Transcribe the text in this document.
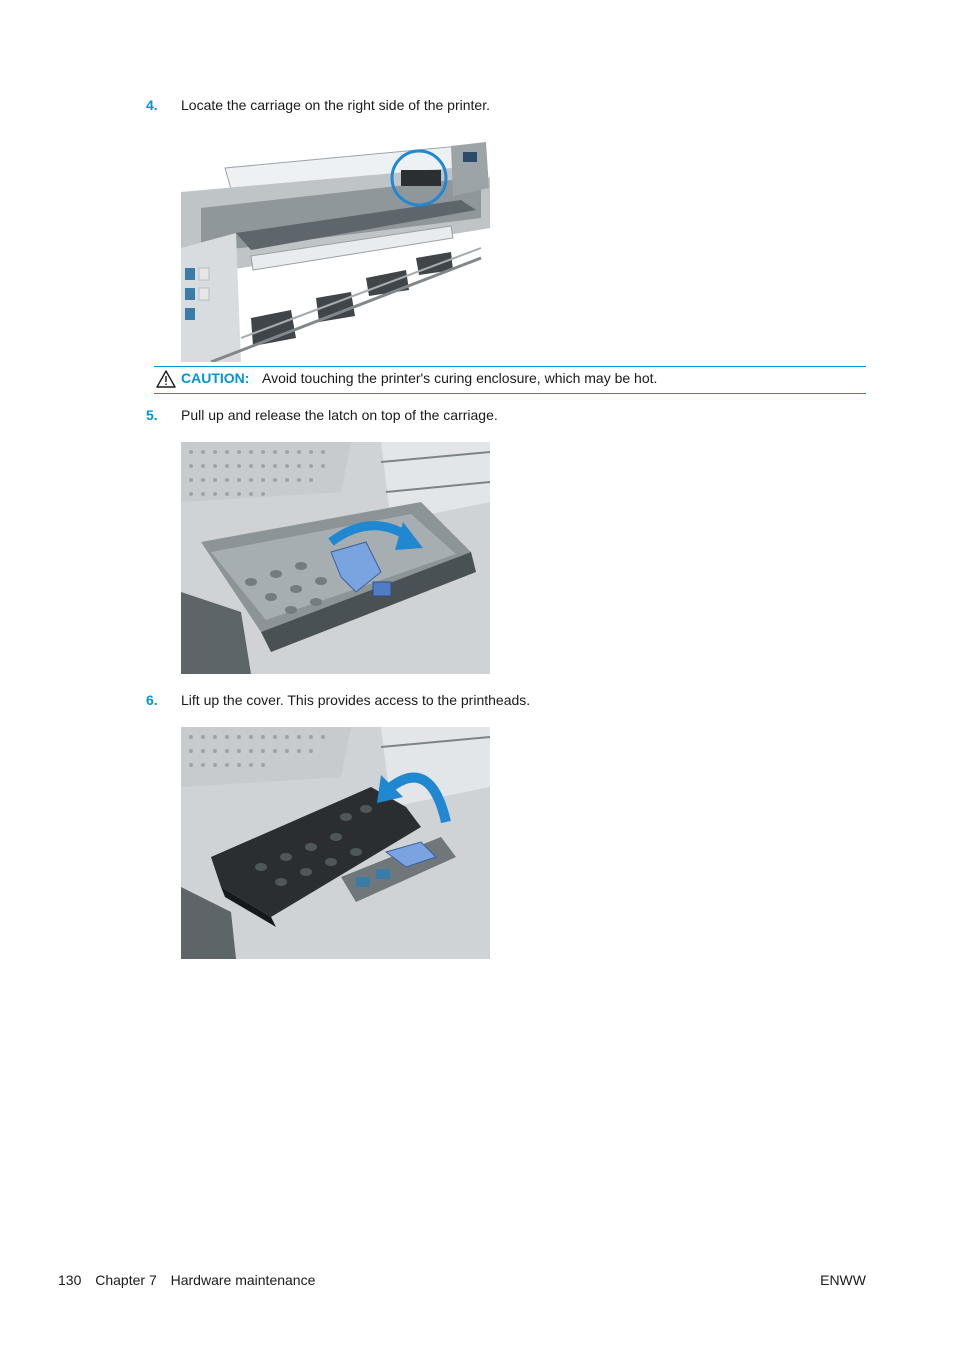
4. Locate the carriage on the right side of the printer.
CAUTION: Avoid touching the printer's curing enclosure, which may be hot.
5. Pull up and release the latch on top of the carriage.
6. Lift up the cover. This provides access to the printheads.
130 Chapter 7 Hardware maintenance	ENWW
